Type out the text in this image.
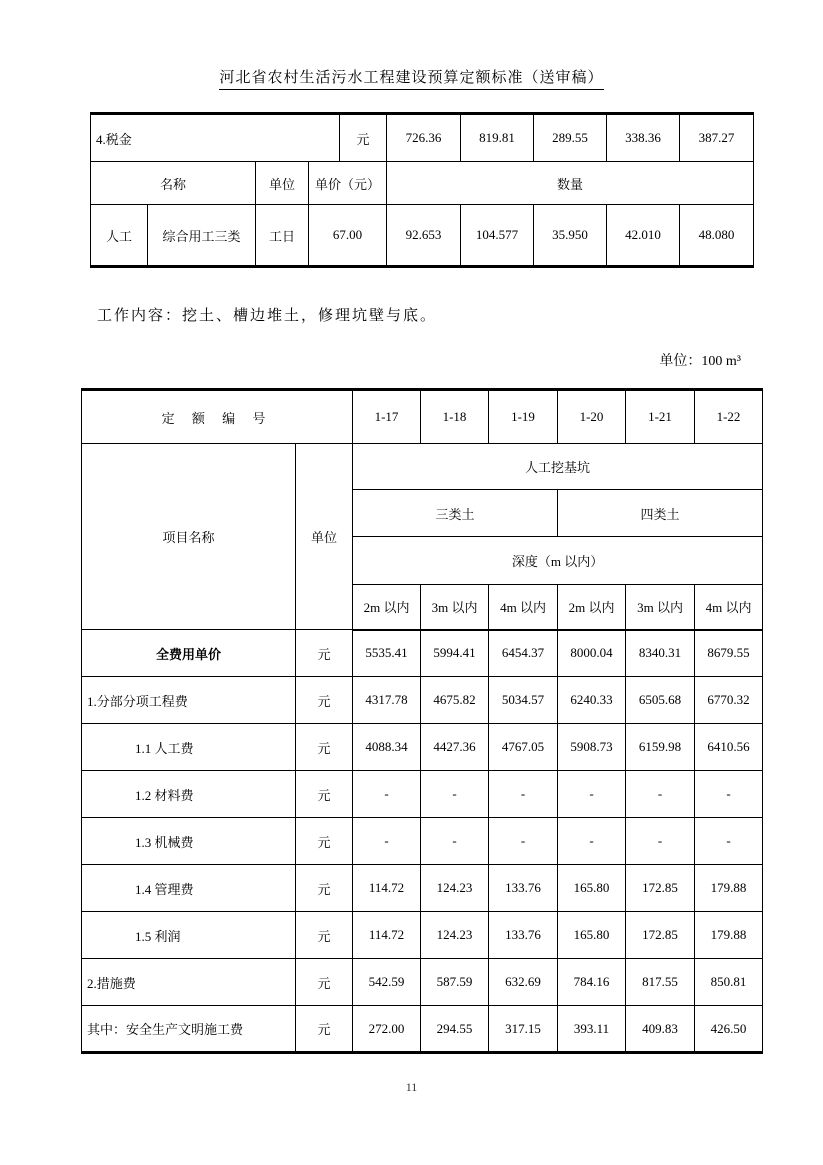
河北省农村生活污水工程建设预算定额标准（送审稿）
4.税金				元	726.36	819.81	289.55	338.36	387.27
名称		单位	单价（元）		数量				
人工	综合用工三类	工日	67.00		92.653	104.577	35.950	42.010	48.080
工作内容：挖土、槽边堆土，修理坑壁与底。
单位：100 m³
定 额 编 号		1-17	1-18	1-19	1-20	1-21	1-22
项目名称	单位	人工挖基坑					
		三类土			四类土		
		深度（m 以内）					
		2m 以内	3m 以内	4m 以内	2m 以内	3m 以内	4m 以内
全费用单价	元	5535.41	5994.41	6454.37	8000.04	8340.31	8679.55
1.分部分项工程费	元	4317.78	4675.82	5034.57	6240.33	6505.68	6770.32
1.1 人工费	元	4088.34	4427.36	4767.05	5908.73	6159.98	6410.56
1.2 材料费	元	-	-	-	-	-	-
1.3 机械费	元	-	-	-	-	-	-
1.4 管理费	元	114.72	124.23	133.76	165.80	172.85	179.88
1.5 利润	元	114.72	124.23	133.76	165.80	172.85	179.88
2.措施费	元	542.59	587.59	632.69	784.16	817.55	850.81
其中：安全生产文明施工费	元	272.00	294.55	317.15	393.11	409.83	426.50
11
